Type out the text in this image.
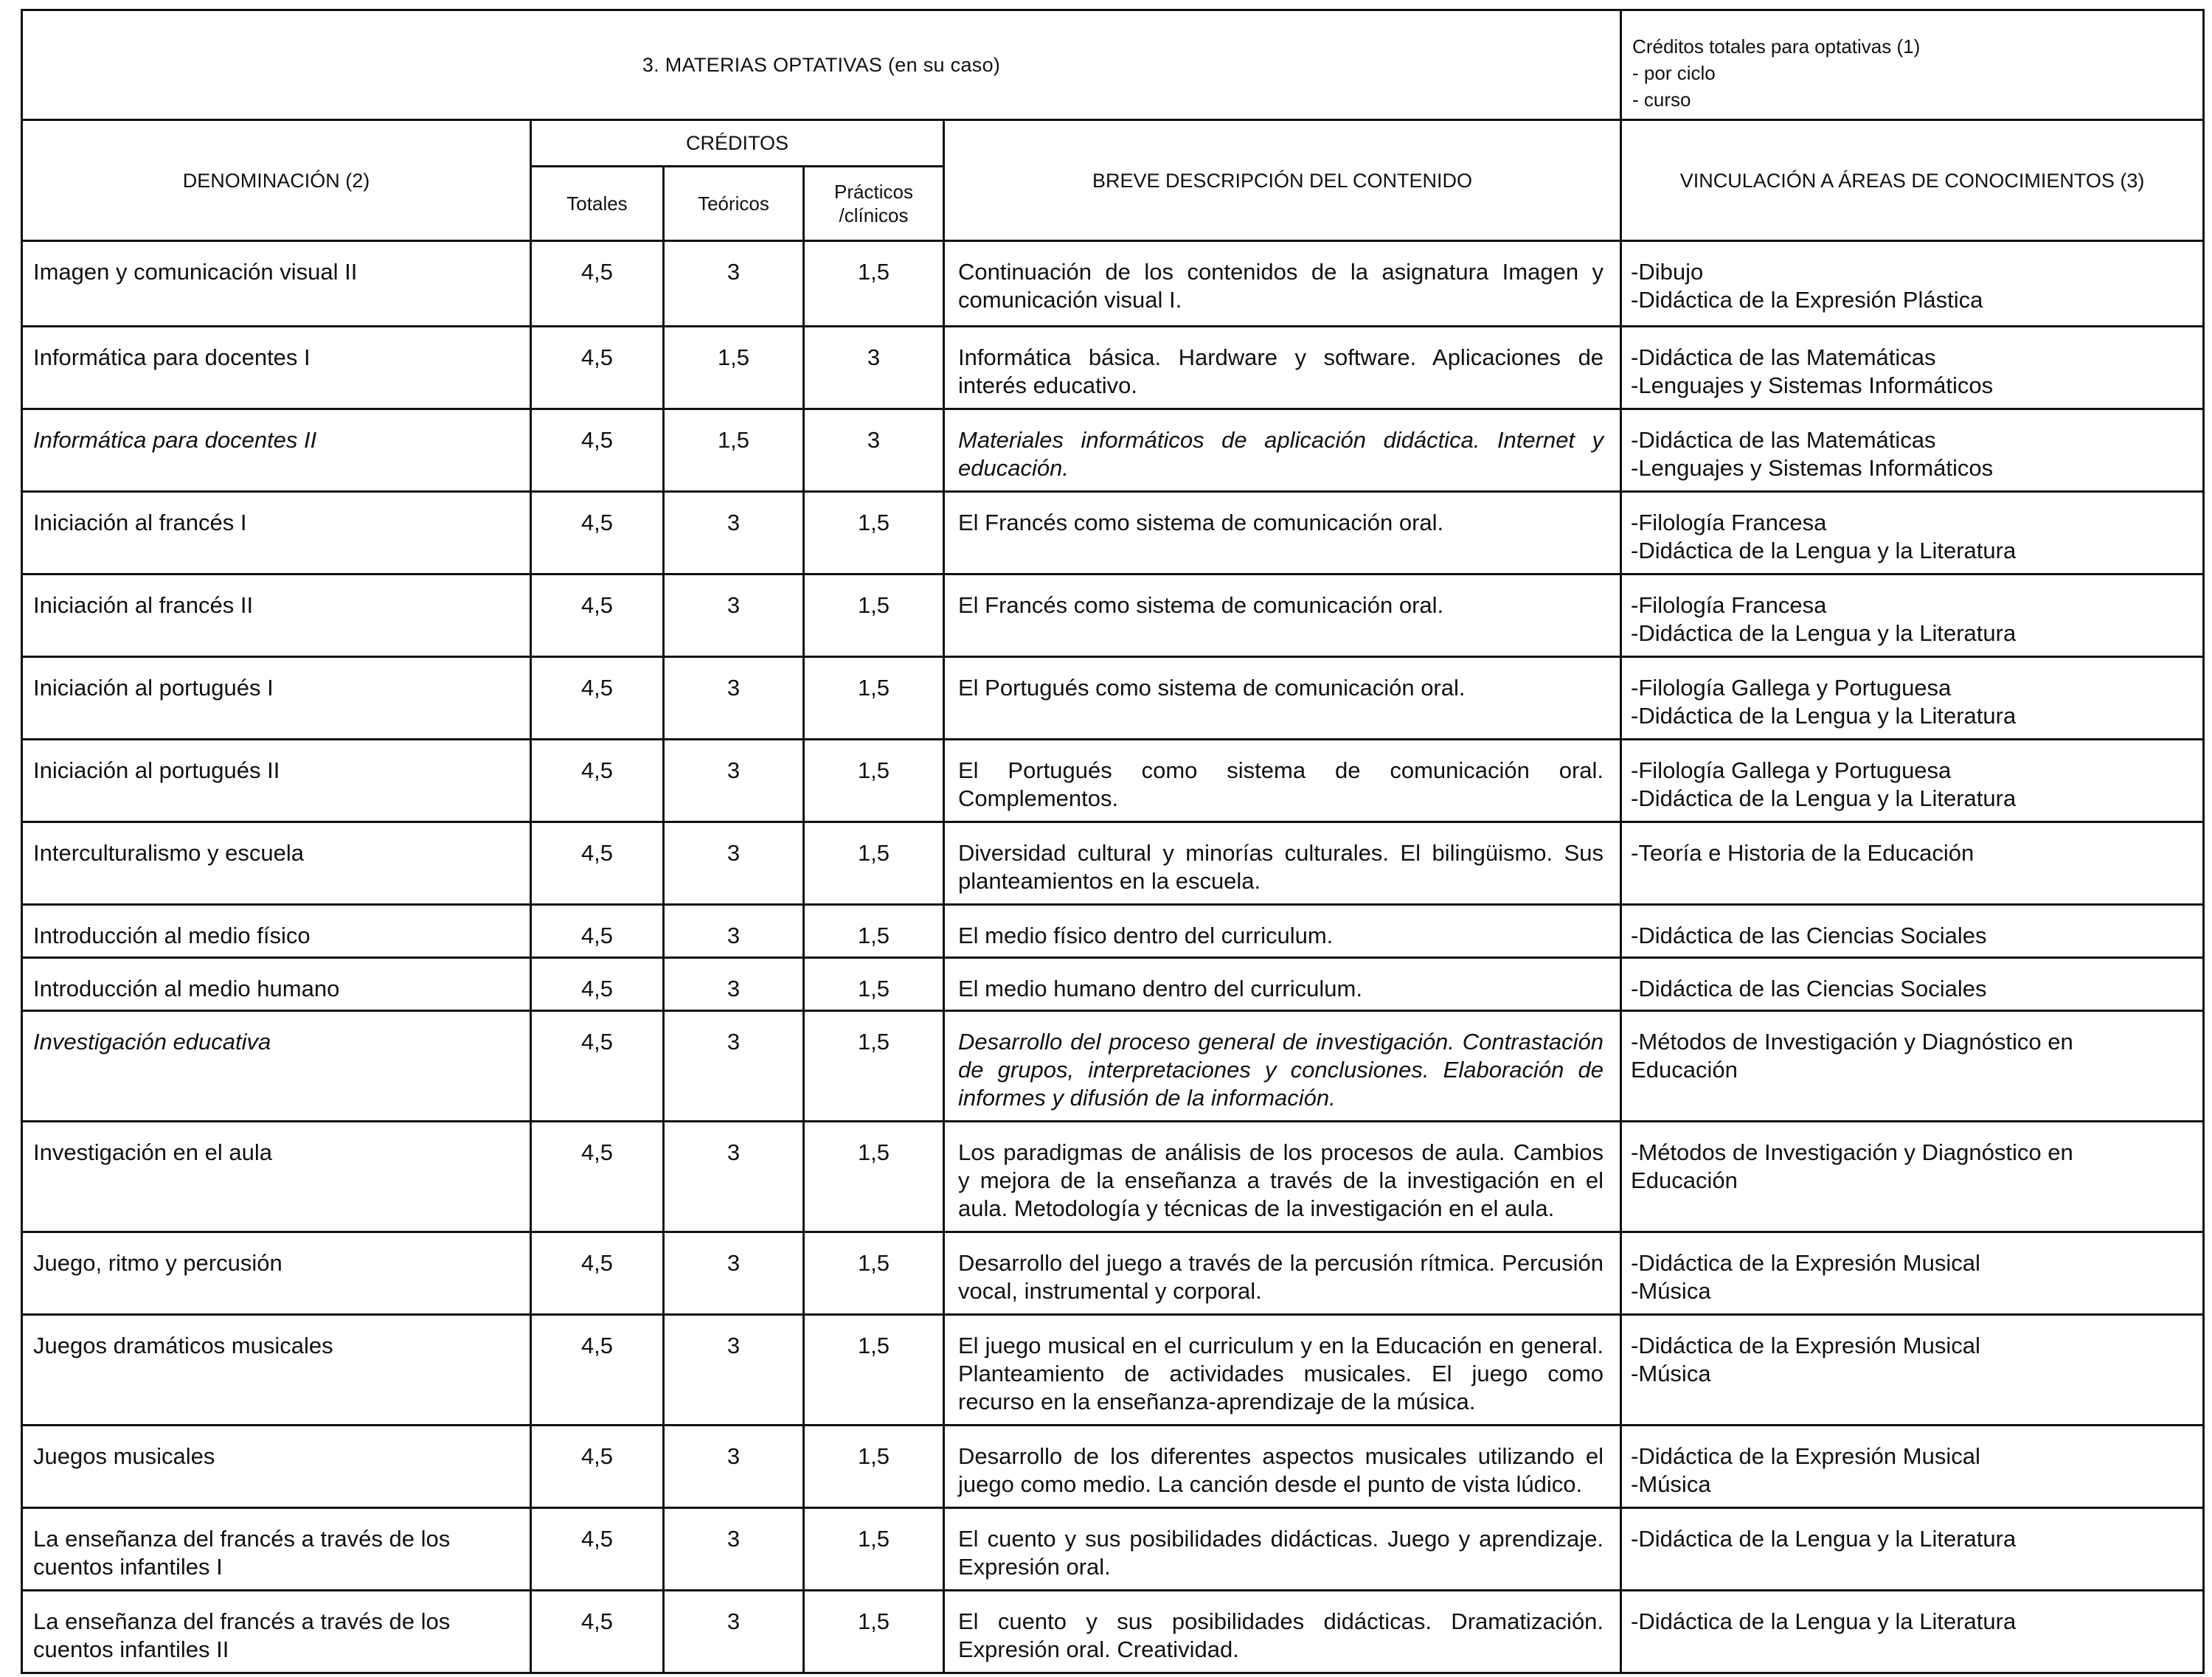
3. MATERIAS OPTATIVAS (en su caso)					Créditos totales para optativas (1)
- por ciclo
- curso

DENOMINACIÓN (2)	CRÉDITOS			BREVE DESCRIPCIÓN DEL CONTENIDO	VINCULACIÓN A ÁREAS DE CONOCIMIENTOS (3)
	Totales	Teóricos	Prácticos /clínicos		
Imagen y comunicación visual II	4,5	3	1,5	Continuación de los contenidos de la asignatura Imagen y comunicación visual I.	-Dibujo
-Didáctica de la Expresión Plástica

Informática para docentes I	4,5	1,5	3	Informática básica. Hardware y software. Aplicaciones de interés educativo.	-Didáctica de las Matemáticas
-Lenguajes y Sistemas Informáticos

Informática para docentes II	4,5	1,5	3	Materiales informáticos de aplicación didáctica. Internet y educación.	-Didáctica de las Matemáticas
-Lenguajes y Sistemas Informáticos

Iniciación al francés I	4,5	3	1,5	El Francés como sistema de comunicación oral.	-Filología Francesa
-Didáctica de la Lengua y la Literatura

Iniciación al francés II	4,5	3	1,5	El Francés como sistema de comunicación oral.	-Filología Francesa
-Didáctica de la Lengua y la Literatura

Iniciación al portugués I	4,5	3	1,5	El Portugués como sistema de comunicación oral.	-Filología Gallega y Portuguesa
-Didáctica de la Lengua y la Literatura

Iniciación al portugués II	4,5	3	1,5	El Portugués como sistema de comunicación oral. Complementos.	-Filología Gallega y Portuguesa
-Didáctica de la Lengua y la Literatura

Interculturalismo y escuela	4,5	3	1,5	Diversidad cultural y minorías culturales. El bilingüismo. Sus planteamientos en la escuela.	-Teoría e Historia de la Educación

Introducción al medio físico	4,5	3	1,5	El medio físico dentro del curriculum.	-Didáctica de las Ciencias Sociales

Introducción al medio humano	4,5	3	1,5	El medio humano dentro del curriculum.	-Didáctica de las Ciencias Sociales

Investigación educativa	4,5	3	1,5	Desarrollo del proceso general de investigación. Contrastación de grupos, interpretaciones y conclusiones. Elaboración de informes y difusión de la información.	-Métodos de Investigación y Diagnóstico en Educación

Investigación en el aula	4,5	3	1,5	Los paradigmas de análisis de los procesos de aula. Cambios y mejora de la enseñanza a través de la investigación en el aula. Metodología y técnicas de la investigación en el aula.	-Métodos de Investigación y Diagnóstico en Educación

Juego, ritmo y percusión	4,5	3	1,5	Desarrollo del juego a través de la percusión rítmica. Percusión vocal, instrumental y corporal.	-Didáctica de la Expresión Musical
-Música

Juegos dramáticos musicales	4,5	3	1,5	El juego musical en el curriculum y en la Educación en general. Planteamiento de actividades musicales. El juego como recurso en la enseñanza-aprendizaje de la música.	-Didáctica de la Expresión Musical
-Música

Juegos musicales	4,5	3	1,5	Desarrollo de los diferentes aspectos musicales utilizando el juego como medio. La canción desde el punto de vista lúdico.	-Didáctica de la Expresión Musical
-Música

La enseñanza del francés a través de los cuentos infantiles I	4,5	3	1,5	El cuento y sus posibilidades didácticas. Juego y aprendizaje. Expresión oral.	-Didáctica de la Lengua y la Literatura

La enseñanza del francés a través de los cuentos infantiles II	4,5	3	1,5	El cuento y sus posibilidades didácticas. Dramatización. Expresión oral. Creatividad.	-Didáctica de la Lengua y la Literatura
